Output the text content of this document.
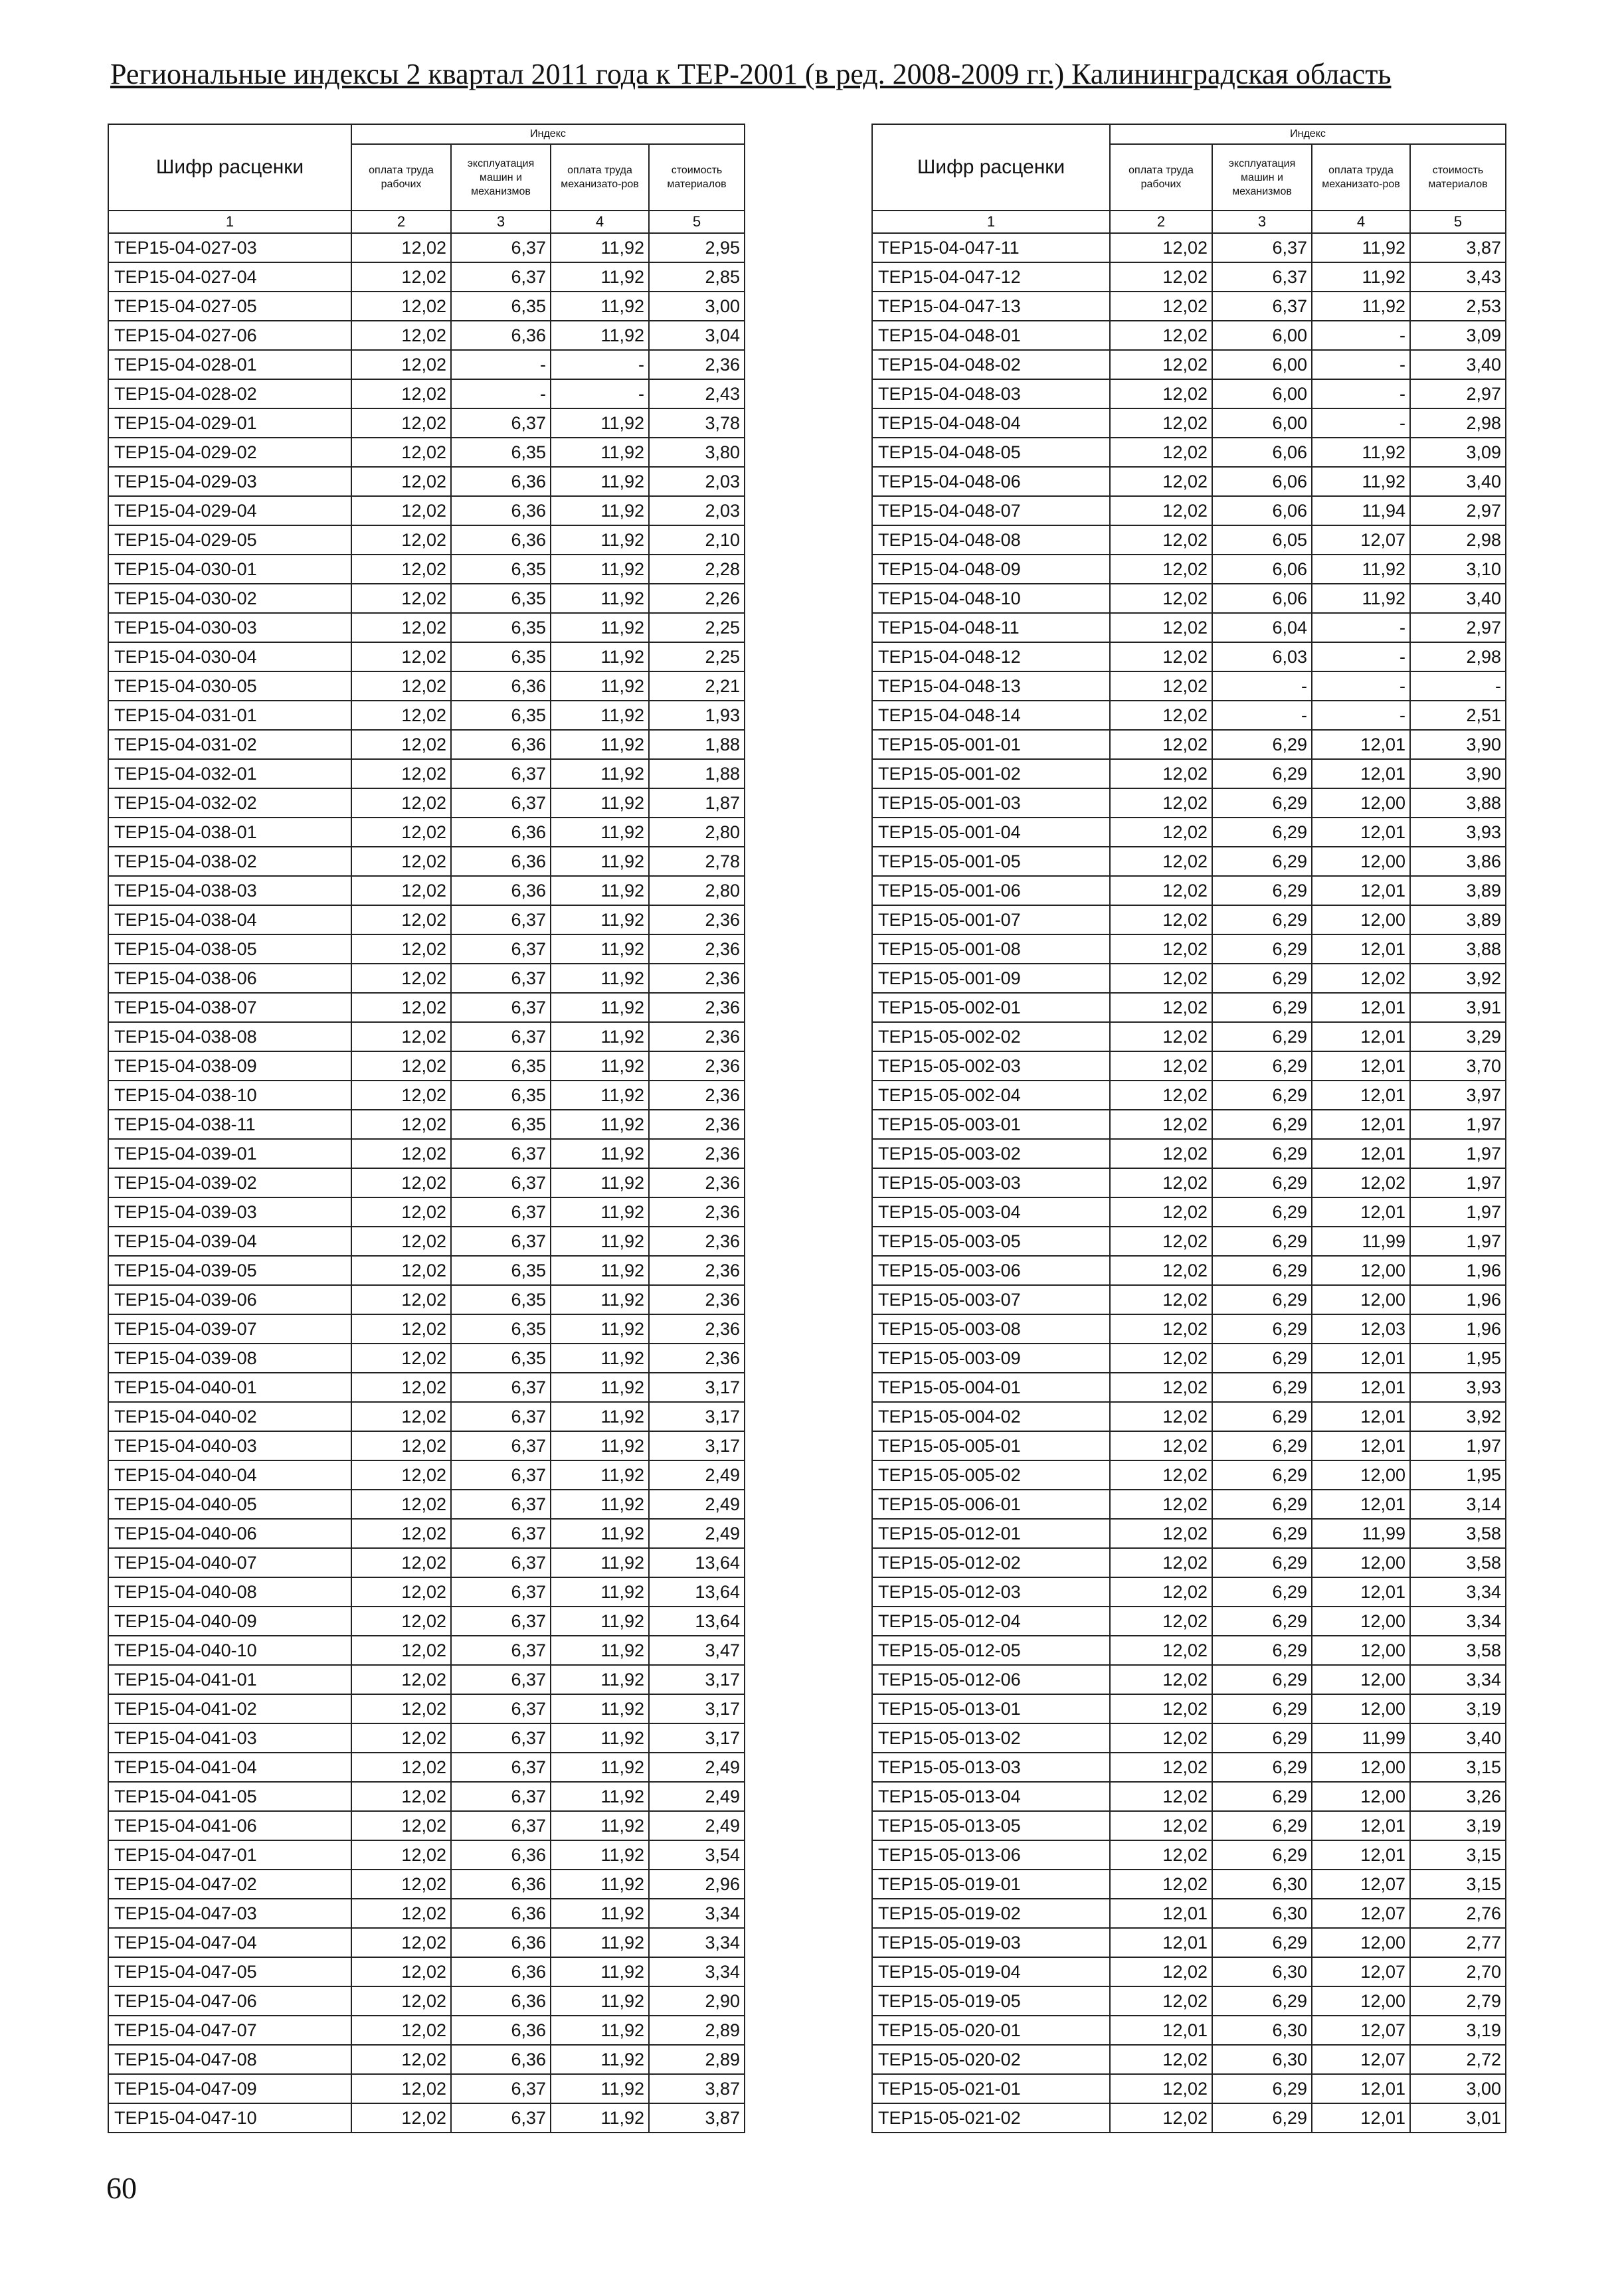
Региональные индексы 2 квартал 2011 года к ТЕР-2001 (в ред. 2008-2009 гг.) Калининградская область
Шифр расценки	Индекс			
	оплата труда рабочих	эксплуатация машин и механизмов	оплата труда механизато-ров	стоимость материалов
1	2	3	4	5
ТЕР15-04-027-03	12,02	6,37	11,92	2,95
ТЕР15-04-027-04	12,02	6,37	11,92	2,85
ТЕР15-04-027-05	12,02	6,35	11,92	3,00
ТЕР15-04-027-06	12,02	6,36	11,92	3,04
ТЕР15-04-028-01	12,02	-	-	2,36
ТЕР15-04-028-02	12,02	-	-	2,43
ТЕР15-04-029-01	12,02	6,37	11,92	3,78
ТЕР15-04-029-02	12,02	6,35	11,92	3,80
ТЕР15-04-029-03	12,02	6,36	11,92	2,03
ТЕР15-04-029-04	12,02	6,36	11,92	2,03
ТЕР15-04-029-05	12,02	6,36	11,92	2,10
ТЕР15-04-030-01	12,02	6,35	11,92	2,28
ТЕР15-04-030-02	12,02	6,35	11,92	2,26
ТЕР15-04-030-03	12,02	6,35	11,92	2,25
ТЕР15-04-030-04	12,02	6,35	11,92	2,25
ТЕР15-04-030-05	12,02	6,36	11,92	2,21
ТЕР15-04-031-01	12,02	6,35	11,92	1,93
ТЕР15-04-031-02	12,02	6,36	11,92	1,88
ТЕР15-04-032-01	12,02	6,37	11,92	1,88
ТЕР15-04-032-02	12,02	6,37	11,92	1,87
ТЕР15-04-038-01	12,02	6,36	11,92	2,80
ТЕР15-04-038-02	12,02	6,36	11,92	2,78
ТЕР15-04-038-03	12,02	6,36	11,92	2,80
ТЕР15-04-038-04	12,02	6,37	11,92	2,36
ТЕР15-04-038-05	12,02	6,37	11,92	2,36
ТЕР15-04-038-06	12,02	6,37	11,92	2,36
ТЕР15-04-038-07	12,02	6,37	11,92	2,36
ТЕР15-04-038-08	12,02	6,37	11,92	2,36
ТЕР15-04-038-09	12,02	6,35	11,92	2,36
ТЕР15-04-038-10	12,02	6,35	11,92	2,36
ТЕР15-04-038-11	12,02	6,35	11,92	2,36
ТЕР15-04-039-01	12,02	6,37	11,92	2,36
ТЕР15-04-039-02	12,02	6,37	11,92	2,36
ТЕР15-04-039-03	12,02	6,37	11,92	2,36
ТЕР15-04-039-04	12,02	6,37	11,92	2,36
ТЕР15-04-039-05	12,02	6,35	11,92	2,36
ТЕР15-04-039-06	12,02	6,35	11,92	2,36
ТЕР15-04-039-07	12,02	6,35	11,92	2,36
ТЕР15-04-039-08	12,02	6,35	11,92	2,36
ТЕР15-04-040-01	12,02	6,37	11,92	3,17
ТЕР15-04-040-02	12,02	6,37	11,92	3,17
ТЕР15-04-040-03	12,02	6,37	11,92	3,17
ТЕР15-04-040-04	12,02	6,37	11,92	2,49
ТЕР15-04-040-05	12,02	6,37	11,92	2,49
ТЕР15-04-040-06	12,02	6,37	11,92	2,49
ТЕР15-04-040-07	12,02	6,37	11,92	13,64
ТЕР15-04-040-08	12,02	6,37	11,92	13,64
ТЕР15-04-040-09	12,02	6,37	11,92	13,64
ТЕР15-04-040-10	12,02	6,37	11,92	3,47
ТЕР15-04-041-01	12,02	6,37	11,92	3,17
ТЕР15-04-041-02	12,02	6,37	11,92	3,17
ТЕР15-04-041-03	12,02	6,37	11,92	3,17
ТЕР15-04-041-04	12,02	6,37	11,92	2,49
ТЕР15-04-041-05	12,02	6,37	11,92	2,49
ТЕР15-04-041-06	12,02	6,37	11,92	2,49
ТЕР15-04-047-01	12,02	6,36	11,92	3,54
ТЕР15-04-047-02	12,02	6,36	11,92	2,96
ТЕР15-04-047-03	12,02	6,36	11,92	3,34
ТЕР15-04-047-04	12,02	6,36	11,92	3,34
ТЕР15-04-047-05	12,02	6,36	11,92	3,34
ТЕР15-04-047-06	12,02	6,36	11,92	2,90
ТЕР15-04-047-07	12,02	6,36	11,92	2,89
ТЕР15-04-047-08	12,02	6,36	11,92	2,89
ТЕР15-04-047-09	12,02	6,37	11,92	3,87
ТЕР15-04-047-10	12,02	6,37	11,92	3,87
Шифр расценки	Индекс			
	оплата труда рабочих	эксплуатация машин и механизмов	оплата труда механизато-ров	стоимость материалов
1	2	3	4	5
ТЕР15-04-047-11	12,02	6,37	11,92	3,87
ТЕР15-04-047-12	12,02	6,37	11,92	3,43
ТЕР15-04-047-13	12,02	6,37	11,92	2,53
ТЕР15-04-048-01	12,02	6,00	-	3,09
ТЕР15-04-048-02	12,02	6,00	-	3,40
ТЕР15-04-048-03	12,02	6,00	-	2,97
ТЕР15-04-048-04	12,02	6,00	-	2,98
ТЕР15-04-048-05	12,02	6,06	11,92	3,09
ТЕР15-04-048-06	12,02	6,06	11,92	3,40
ТЕР15-04-048-07	12,02	6,06	11,94	2,97
ТЕР15-04-048-08	12,02	6,05	12,07	2,98
ТЕР15-04-048-09	12,02	6,06	11,92	3,10
ТЕР15-04-048-10	12,02	6,06	11,92	3,40
ТЕР15-04-048-11	12,02	6,04	-	2,97
ТЕР15-04-048-12	12,02	6,03	-	2,98
ТЕР15-04-048-13	12,02	-	-	-
ТЕР15-04-048-14	12,02	-	-	2,51
ТЕР15-05-001-01	12,02	6,29	12,01	3,90
ТЕР15-05-001-02	12,02	6,29	12,01	3,90
ТЕР15-05-001-03	12,02	6,29	12,00	3,88
ТЕР15-05-001-04	12,02	6,29	12,01	3,93
ТЕР15-05-001-05	12,02	6,29	12,00	3,86
ТЕР15-05-001-06	12,02	6,29	12,01	3,89
ТЕР15-05-001-07	12,02	6,29	12,00	3,89
ТЕР15-05-001-08	12,02	6,29	12,01	3,88
ТЕР15-05-001-09	12,02	6,29	12,02	3,92
ТЕР15-05-002-01	12,02	6,29	12,01	3,91
ТЕР15-05-002-02	12,02	6,29	12,01	3,29
ТЕР15-05-002-03	12,02	6,29	12,01	3,70
ТЕР15-05-002-04	12,02	6,29	12,01	3,97
ТЕР15-05-003-01	12,02	6,29	12,01	1,97
ТЕР15-05-003-02	12,02	6,29	12,01	1,97
ТЕР15-05-003-03	12,02	6,29	12,02	1,97
ТЕР15-05-003-04	12,02	6,29	12,01	1,97
ТЕР15-05-003-05	12,02	6,29	11,99	1,97
ТЕР15-05-003-06	12,02	6,29	12,00	1,96
ТЕР15-05-003-07	12,02	6,29	12,00	1,96
ТЕР15-05-003-08	12,02	6,29	12,03	1,96
ТЕР15-05-003-09	12,02	6,29	12,01	1,95
ТЕР15-05-004-01	12,02	6,29	12,01	3,93
ТЕР15-05-004-02	12,02	6,29	12,01	3,92
ТЕР15-05-005-01	12,02	6,29	12,01	1,97
ТЕР15-05-005-02	12,02	6,29	12,00	1,95
ТЕР15-05-006-01	12,02	6,29	12,01	3,14
ТЕР15-05-012-01	12,02	6,29	11,99	3,58
ТЕР15-05-012-02	12,02	6,29	12,00	3,58
ТЕР15-05-012-03	12,02	6,29	12,01	3,34
ТЕР15-05-012-04	12,02	6,29	12,00	3,34
ТЕР15-05-012-05	12,02	6,29	12,00	3,58
ТЕР15-05-012-06	12,02	6,29	12,00	3,34
ТЕР15-05-013-01	12,02	6,29	12,00	3,19
ТЕР15-05-013-02	12,02	6,29	11,99	3,40
ТЕР15-05-013-03	12,02	6,29	12,00	3,15
ТЕР15-05-013-04	12,02	6,29	12,00	3,26
ТЕР15-05-013-05	12,02	6,29	12,01	3,19
ТЕР15-05-013-06	12,02	6,29	12,01	3,15
ТЕР15-05-019-01	12,02	6,30	12,07	3,15
ТЕР15-05-019-02	12,01	6,30	12,07	2,76
ТЕР15-05-019-03	12,01	6,29	12,00	2,77
ТЕР15-05-019-04	12,02	6,30	12,07	2,70
ТЕР15-05-019-05	12,02	6,29	12,00	2,79
ТЕР15-05-020-01	12,01	6,30	12,07	3,19
ТЕР15-05-020-02	12,02	6,30	12,07	2,72
ТЕР15-05-021-01	12,02	6,29	12,01	3,00
ТЕР15-05-021-02	12,02	6,29	12,01	3,01
60
